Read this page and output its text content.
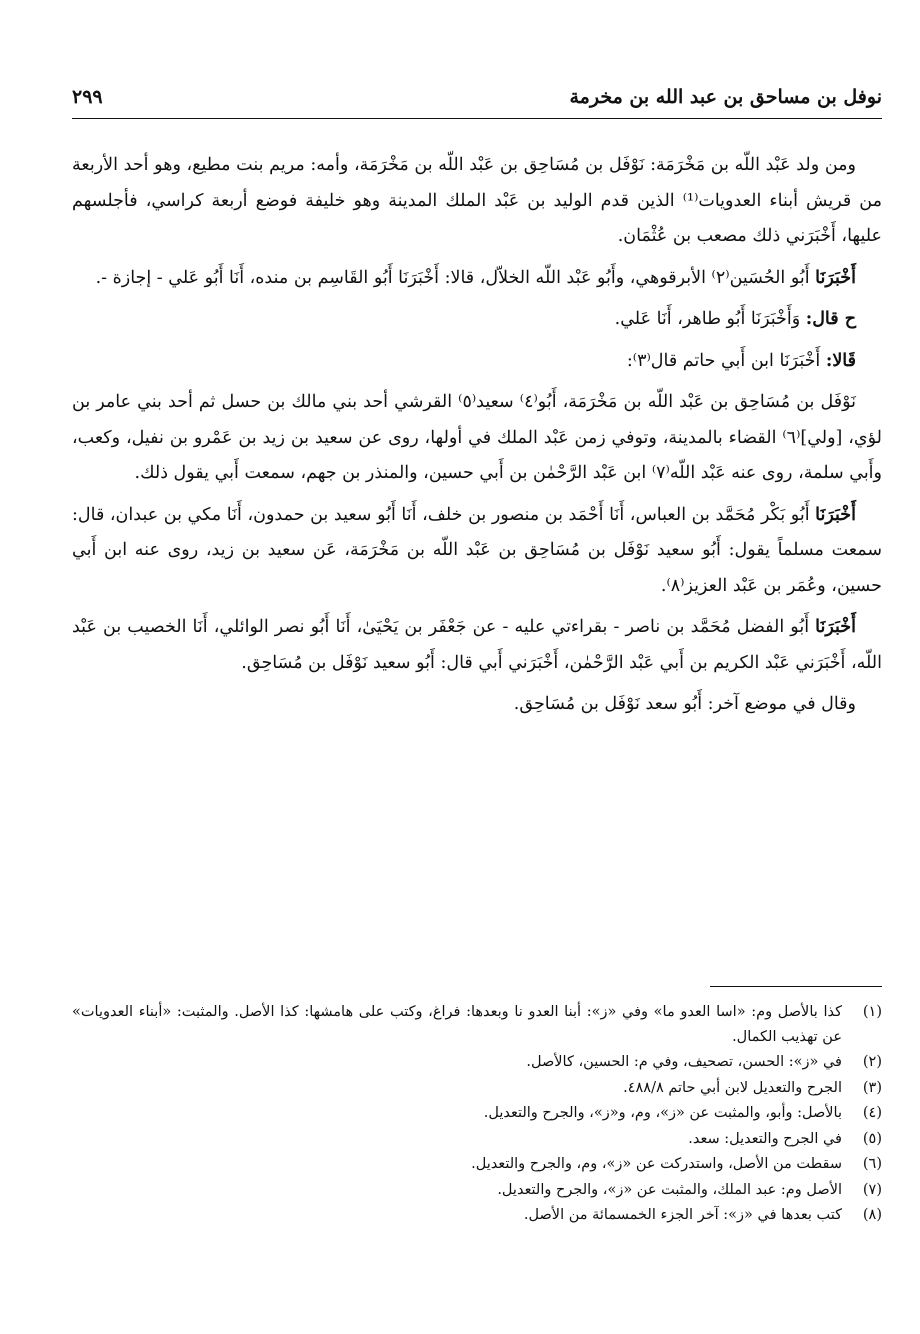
نوفل بن مساحق بن عبد الله بن مخرمة
٢٩٩

ومن ولد عَبْد اللّه بن مَخْرَمَة: نَوْفَل بن مُسَاحِق بن عَبْد اللّه بن مَخْرَمَة، وأمه: مريم بنت مطيع، وهو أحد الأربعة من قريش أبناء العدويات⁽¹⁾ الذين قدم الوليد بن عَبْد الملك المدينة وهو خليفة فوضع أربعة كراسي، فأجلسهم عليها، أَخْبَرَني ذلك مصعب بن عُثْمَان.

أَخْبَرَنَا أَبُو الحُسَين⁽٢⁾ الأبرقوهي، وأَبُو عَبْد اللّه الخلاّل، قالا: أَخْبَرَنَا أَبُو القَاسِم بن منده، أَنَا أَبُو عَلي - إجازة -.

ح قال: وَأَخْبَرَنَا أَبُو طاهر، أَنَا عَلي.

قَالا: أَخْبَرَنَا ابن أَبي حاتم قال⁽٣⁾:

نَوْفَل بن مُسَاحِق بن عَبْد اللّه بن مَخْرَمَة، أَبُو⁽٤⁾ سعيد⁽٥⁾ القرشي أحد بني مالك بن حسل ثم أحد بني عامر بن لؤي، [ولي]⁽٦⁾ القضاء بالمدينة، وتوفي زمن عَبْد الملك في أولها، روى عن سعيد بن زيد بن عَمْرو بن نفيل، وكعب، وأَبي سلمة، روى عنه عَبْد اللّه⁽٧⁾ ابن عَبْد الرَّحْمٰن بن أَبي حسين، والمنذر بن جهم، سمعت أَبي يقول ذلك.

أَخْبَرَنَا أَبُو بَكْر مُحَمَّد بن العباس، أَنَا أَحْمَد بن منصور بن خلف، أَنَا أَبُو سعيد بن حمدون، أَنَا مكي بن عبدان، قال: سمعت مسلماً يقول: أَبُو سعيد نَوْفَل بن مُسَاحِق بن عَبْد اللّه بن مَخْرَمَة، عَن سعيد بن زيد، روى عنه ابن أَبي حسين، وعُمَر بن عَبْد العزيز⁽٨⁾.

أَخْبَرَنَا أَبُو الفضل مُحَمَّد بن ناصر - بقراءتي عليه - عن جَعْفَر بن يَحْيَىٰ، أَنَا أَبُو نصر الوائلي، أَنَا الخصيب بن عَبْد اللّه، أَخْبَرَني عَبْد الكريم بن أَبي عَبْد الرَّحْمٰن، أَخْبَرَني أَبي قال: أَبُو سعيد نَوْفَل بن مُسَاحِق.

وقال في موضع آخر: أَبُو سعد نَوْفَل بن مُسَاحِق.

(١)
كذا بالأصل وم: «اسا العدو ما» وفي «ز»: أبنا العدو نا وبعدها: فراغ، وكتب على هامشها: كذا الأصل. والمثبت: «أبناء العدويات» عن تهذيب الكمال.
(٢)
في «ز»: الحسن، تصحيف، وفي م: الحسين، كالأصل.
(٣)
الجرح والتعديل لابن أبي حاتم ٤٨٨/٨.
(٤)
بالأصل: وأبو، والمثبت عن «ز»، وم، و«ز»، والجرح والتعديل.
(٥)
في الجرح والتعديل: سعد.
(٦)
سقطت من الأصل، واستدركت عن «ز»، وم، والجرح والتعديل.
(٧)
الأصل وم: عبد الملك، والمثبت عن «ز»، والجرح والتعديل.
(٨)
كتب بعدها في «ز»: آخر الجزء الخمسمائة من الأصل.
